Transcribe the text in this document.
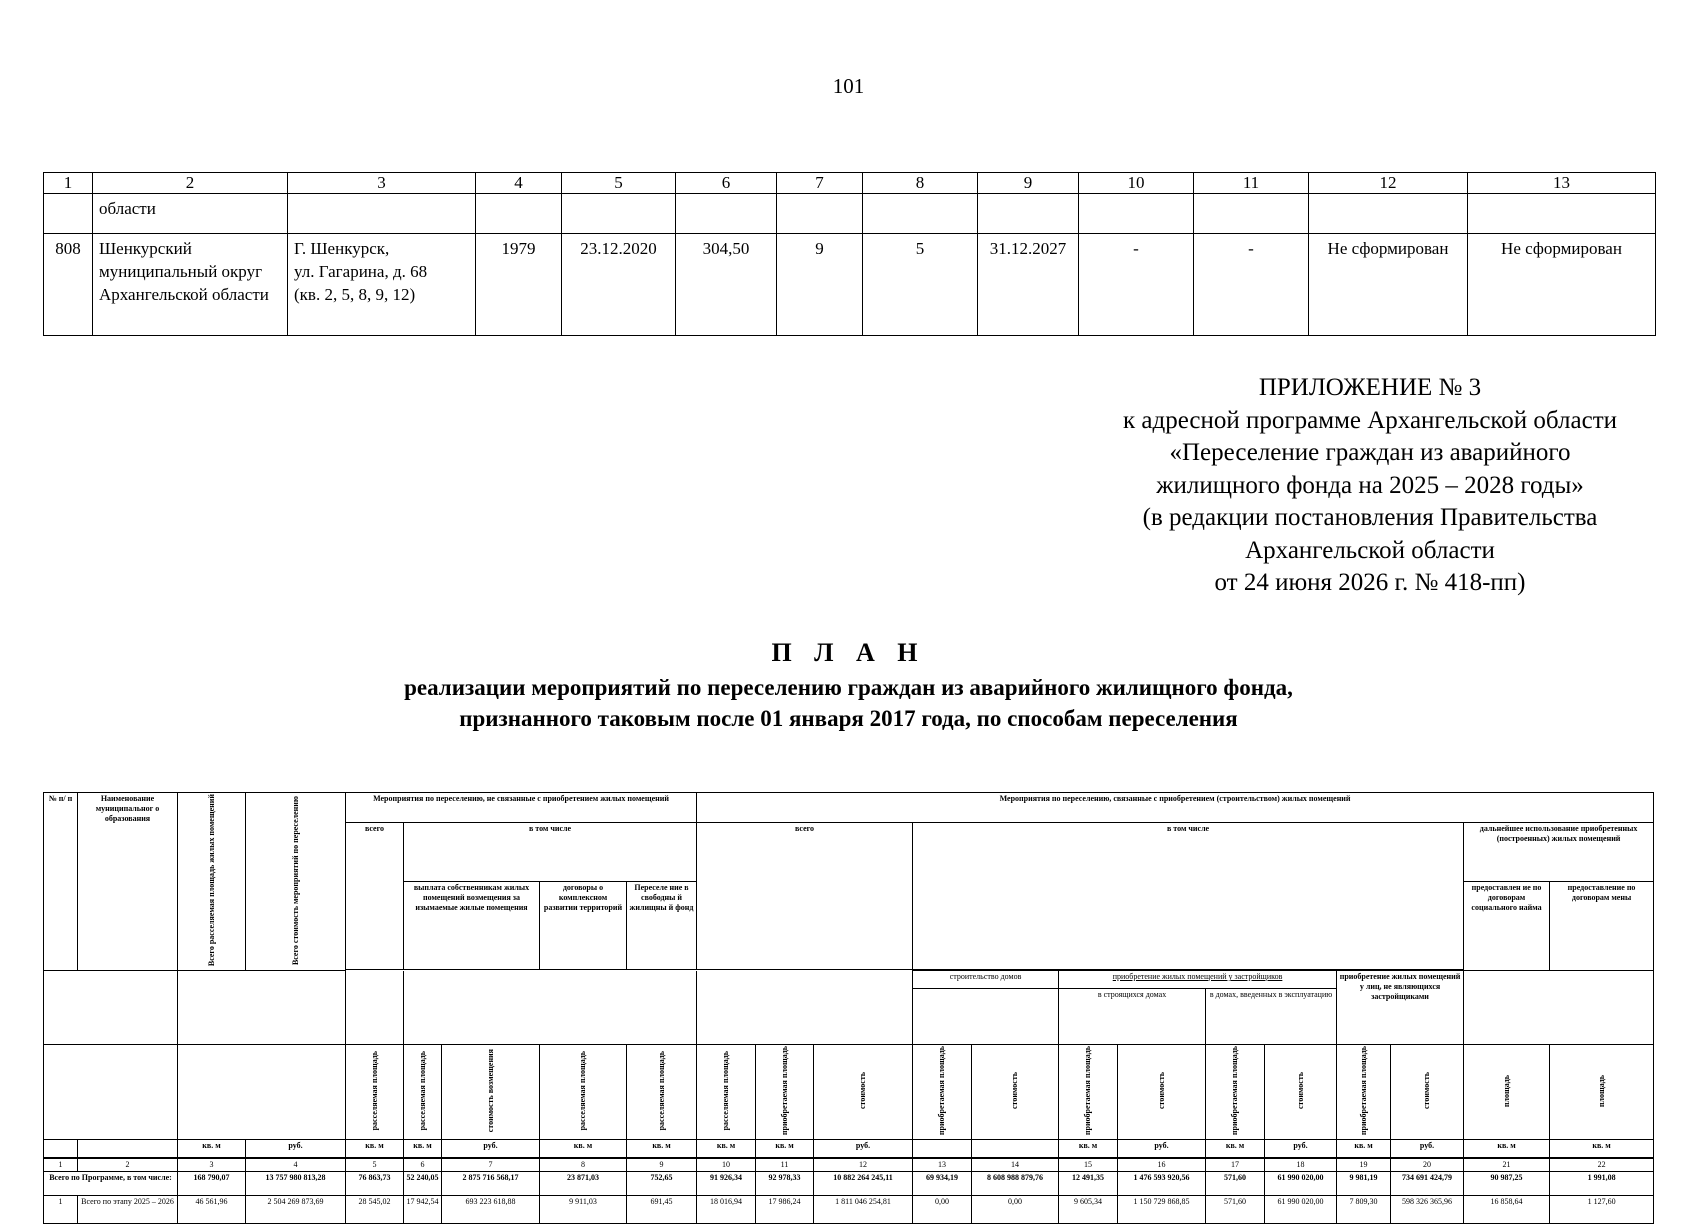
101
1	2	3	4	5	6	7	8	9	10	11	12	13
	области											
808	Шенкурский муниципальный округ Архангельской области	Г. Шенкурск,
ул. Гагарина, д. 68
(кв. 2, 5, 8, 9, 12)	1979	23.12.2020	304,50	9	5	31.12.2027	-	-	Не сформирован	Не сформирован
ПРИЛОЖЕНИЕ № 3
к адресной программе Архангельской области
«Переселение граждан из аварийного
жилищного фонда на 2025 – 2028 годы»
(в редакции постановления Правительства
Архангельской области
от 24 июня 2026 г. № 418-пп)
П Л А Н
реализации мероприятий по переселению граждан из аварийного жилищного фонда,
признанного таковым после 01 января 2017 года, по способам переселения
№ п/ п	Наименование муниципальног о образования	Всего расселяемая площадь жилых помещений	Всего стоимость мероприятий по переселению	Мероприятия по переселению, не связанные с приобретением жилых помещений					Мероприятия по переселению, связанные с приобретением (строительством) жилых помещений												
				всего	в том числе				всего			в том числе								дальнейшее использование приобретенных (построенных) жилых помещений	
					выплата собственникам жилых помещений возмещения за изымаемые жилые помещения		договоры о комплексном развитии территорий	Переселе ние в свободны й жилищны й фонд												предоставлен ие по договорам социального найма	предоставление по договорам мены

												строительство домов		приобретение жилых помещений у застройщиков				приобретение жилых помещений у лиц, не являющихся застройщиками			
														в строящихся домах		в домах, введенных в эксплуатацию					
				расселяемая площадь	расселяемая площадь	стоимость возмещения	расселяемая площадь	расселяемая площадь	расселяемая площадь	приобретаемая площадь	стоимость	приобретаемая площадь	стоимость	приобретаемая площадь	стоимость	приобретаемая площадь	стоимость	приобретаемая площадь	стоимость	площадь	площадь
		кв. м	руб.	кв. м	кв. м	руб.	кв. м	кв. м	кв. м	кв. м	руб.			кв. м	руб.	кв. м	руб.	кв. м	руб.	кв. м	кв. м
1	2	3	4	5	6	7	8	9	10	11	12	13	14	15	16	17	18	19	20	21	22
Всего по Программе, в том числе:		168 790,07	13 757 980 813,28	76 863,73	52 240,05	2 875 716 568,17	23 871,03	752,65	91 926,34	92 978,33	10 882 264 245,11	69 934,19	8 608 988 879,76	12 491,35	1 476 593 920,56	571,60	61 990 020,00	9 981,19	734 691 424,79	90 987,25	1 991,08
1	Всего по этапу 2025 – 2026	46 561,96	2 504 269 873,69	28 545,02	17 942,54	693 223 618,88	9 911,03	691,45	18 016,94	17 986,24	1 811 046 254,81	0,00	0,00	9 605,34	1 150 729 868,85	571,60	61 990 020,00	7 809,30	598 326 365,96	16 858,64	1 127,60
